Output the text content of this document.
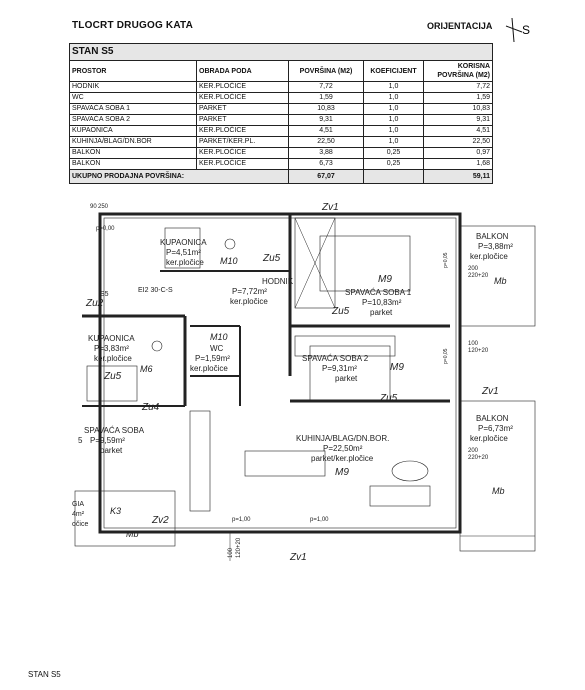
TLOCRT DRUGOG KATA	ORIJENTACIJA S
STAN S5				
PROSTOR	OBRADA PODA	POVRŠINA (M2)	KOEFICIJENT	KORISNA
POVRŠINA (M2)
HODNIK	KER.PLOČICE	7,72	1,0	7,72
WC	KER.PLOČICE	1,59	1,0	1,59
SPAVAĆA SOBA 1	PARKET	10,83	1,0	10,83
SPAVAĆA SOBA 2	PARKET	9,31	1,0	9,31
KUPAONICA	KER.PLOČICE	4,51	1,0	4,51
KUHINJA/BLAG/DN.BOR	PARKET/KER.PL.	22,50	1,0	22,50
BALKON	KER.PLOČICE	3,88	0,25	0,97
BALKON	KER.PLOČICE	6,73	0,25	1,68
UKUPNO PRODAJNA POVRŠINA:		67,07		59,11
Zv1
90 250
p=0,00
KUPAONICA
P=4,51m²
ker.pločice M10	Zu5
HODNIK
P=7,72m²
ker.pločice
S5
Zu2
EI2 30-C-S
M9
SPAVAĆA SOBA 1
P=10,83m²
parket
Zu5
BALKON
P=3,88m²
ker.pločice
200
220+20 Mb
p=0,05
KUPAONICA
P=3,83m²
ker.pločice
Zu5
M6
M10
WC
P=1,59m²
ker.pločice
SPAVAĆA SOBA 2
P=9,31m²
parket
M9
Zu5
100
120+20
p=0,05
Zv1
Zu4
SPAVAĆA SOBA
5 P=9,59m²
parket
KUHINJA/BLAG/DN.BOR.
P=22,50m²
parket/ker.pločice
M9
BALKON
P=6,73m²
ker.pločice
200
220+20
Mb
GIA
4m²
očice
K3
Zv2
Mb
p=1,00	p=1,00
100 120+20	Zv1
STAN S5
